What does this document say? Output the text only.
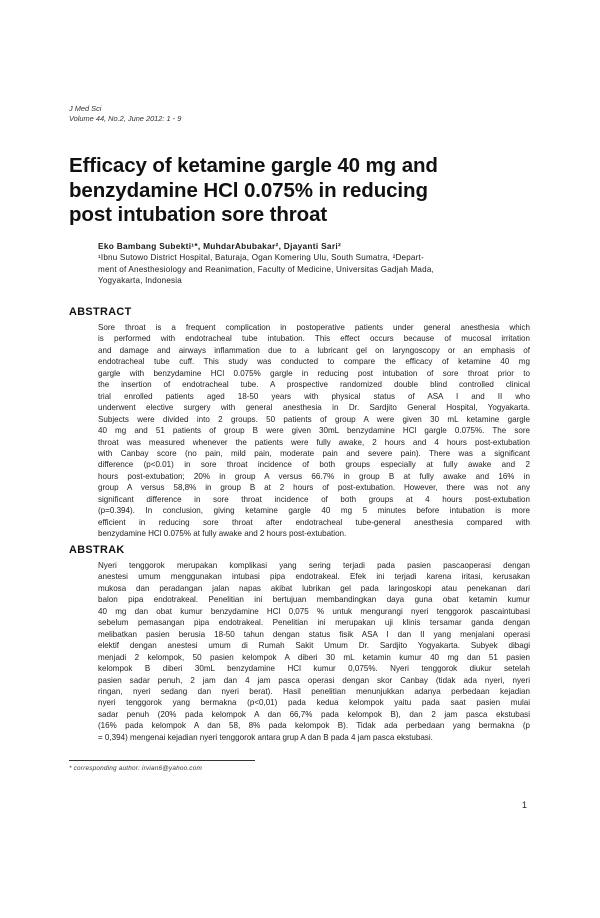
J Med Sci
Volume 44, No.2, June 2012: 1 - 9
Efficacy of ketamine gargle 40 mg and
benzydamine HCl 0.075% in reducing
post intubation sore throat
Eko Bambang Subekti¹*, MuhdarAbubakar², Djayanti Sari²
¹Ibnu Sutowo District Hospital, Baturaja, Ogan Komering Ulu, South Sumatra, ²Depart-
ment of Anesthesiology and Reanimation, Faculty of Medicine, Universitas Gadjah Mada,
Yogyakarta, Indonesia
ABSTRACT
Sore throat is a frequent complication in postoperative patients under general anesthesia which
is performed with endotracheal tube intubation. This effect occurs because of mucosal irritation
and damage and airways inflammation due to a lubricant gel on laryngoscopy or an emphasis of
endotracheal tube cuff. This study was conducted to compare the efficacy of ketamine 40 mg
gargle with benzydamine HCl 0.075% gargle in reducing post intubation of sore throat prior to
the insertion of endotracheal tube. A prospective randomized double blind controlled clinical
trial enrolled patients aged 18-50 years with physical status of ASA I and II who
underwent elective surgery with general anesthesia in Dr. Sardjito General Hospital, Yogyakarta.
Subjects were divided into 2 groups. 50 patients of group A were given 30 mL ketamine gargle
40 mg and 51 patients of group B were given 30mL benzydamine HCl gargle 0.075%. The sore
throat was measured whenever the patients were fully awake, 2 hours and 4 hours post-extubation
with Canbay score (no pain, mild pain, moderate pain and severe pain). There was a significant
difference (p<0.01) in sore throat incidence of both groups especially at fully awake and 2
hours post-extubation; 20% in group A versus 66.7% in group B at fully awake and 16% in
group A versus 58,8% in group B at 2 hours of post-extubation. However, there was not any
significant difference in sore throat incidence of both groups at 4 hours post-extubation
(p=0.394). In conclusion, giving ketamine gargle 40 mg 5 minutes before intubation is more
efficient in reducing sore throat after endotracheal tube-general anesthesia compared with
benzydamine HCl 0.075% at fully awake and 2 hours post-extubation.
ABSTRAK
Nyeri tenggorok merupakan komplikasi yang sering terjadi pada pasien pascaoperasi dengan
anestesi umum menggunakan intubasi pipa endotrakeal. Efek ini terjadi karena iritasi, kerusakan
mukosa dan peradangan jalan napas akibat lubrikan gel pada laringoskopi atau penekanan dari
balon pipa endotrakeal. Penelitian ini bertujuan membandingkan daya guna obat ketamin kumur
40 mg dan obat kumur benzydamine HCl 0,075 % untuk mengurangi nyeri tenggorok pascaintubasi
sebelum pemasangan pipa endotrakeal. Penelitian ini merupakan uji klinis tersamar ganda dengan
melibatkan pasien berusia 18-50 tahun dengan status fisik ASA I dan II yang menjalani operasi
elektif dengan anestesi umum di Rumah Sakit Umum Dr. Sardjito Yogyakarta. Subyek dibagi
menjadi 2 kelompok, 50 pasien kelompok A diberi 30 mL ketamin kumur 40 mg dan 51 pasien
kelompok B diberi 30mL benzydamine HCl kumur 0,075%. Nyeri tenggorok diukur setelah
pasien sadar penuh, 2 jam dan 4 jam pasca operasi dengan skor Canbay (tidak ada nyeri, nyeri
ringan, nyeri sedang dan nyeri berat). Hasil penelitian menunjukkan adanya perbedaan kejadian
nyeri tenggorok yang bermakna (p<0,01) pada kedua kelompok yaitu pada saat pasien mulai
sadar penuh (20% pada kelompok A dan 66,7% pada kelompok B), dan 2 jam pasca ekstubasi
(16% pada kelompok A dan 58, 8% pada kelompok B). Tidak ada perbedaan yang bermakna (p
= 0,394) mengenai kejadian nyeri tenggorok antara grup A dan B pada 4 jam pasca ekstubasi.
* corresponding author: irvian6@yahoo.com
1
